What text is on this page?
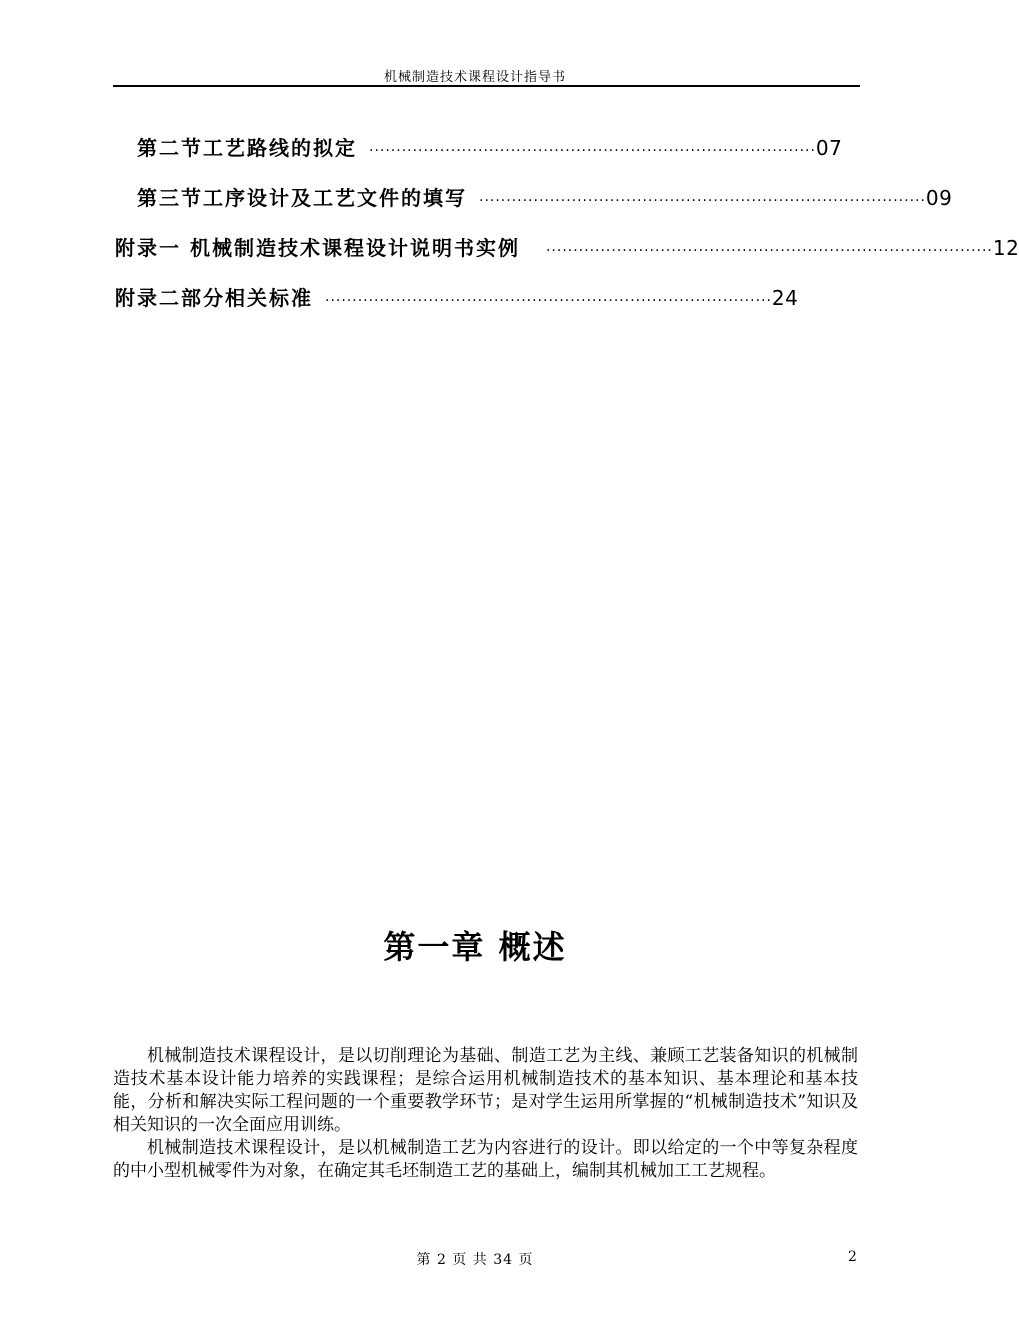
机械制造技术课程设计指导书
第二节工艺路线的拟定 ·················································································· 07
第三节工序设计及工艺文件的填写 ·················································································· 09
附录一 机械制造技术课程设计说明书实例 ·················································································· 12
附录二部分相关标准 ·················································································· 24
第一章 概述

机械制造技术课程设计，是以切削理论为基础、制造工艺为主线、兼顾工艺装备知识的机械制造技术基本设计能力培养的实践课程；是综合运用机械制造技术的基本知识、基本理论和基本技能，分析和解决实际工程问题的一个重要教学环节；是对学生运用所掌握的“机械制造技术”知识及相关知识的一次全面应用训练。

机械制造技术课程设计，是以机械制造工艺为内容进行的设计。即以给定的一个中等复杂程度的中小型机械零件为对象，在确定其毛坯制造工艺的基础上，编制其机械加工工艺规程。

第 2 页 共 34 页	2
